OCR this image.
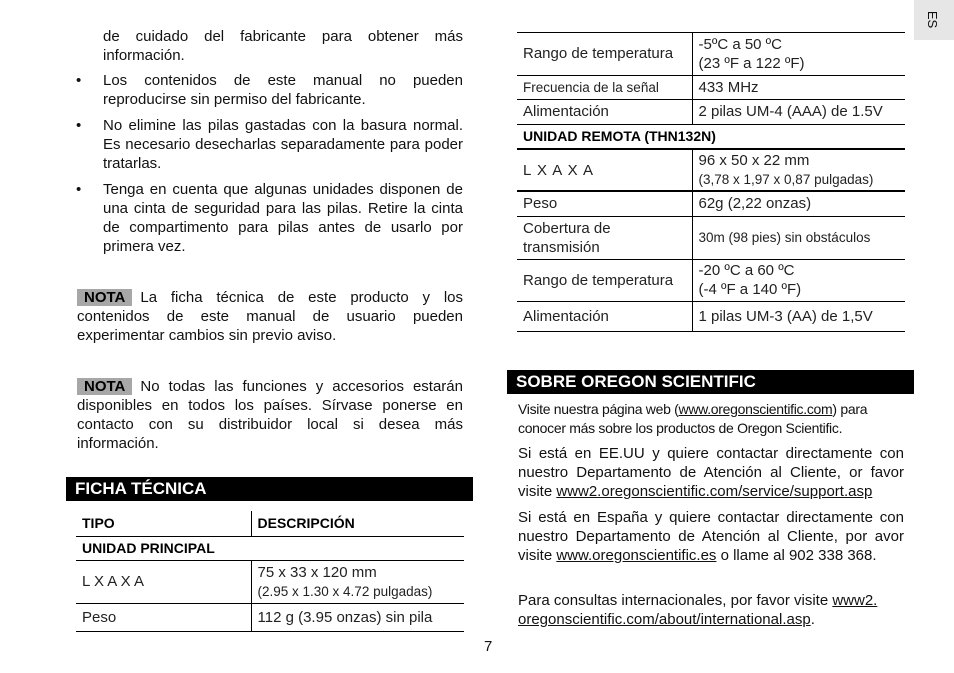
ES
de cuidado del fabricante para obtener más información.
• Los contenidos de este manual no pueden reproducirse sin permiso del fabricante.
• No elimine las pilas gastadas con la basura normal. Es necesario desecharlas separadamente para poder tratarlas.
• Tenga en cuenta que algunas unidades disponen de una cinta de seguridad para las pilas. Retire la cinta de compartimento para pilas antes de usarlo por primera vez.
NOTA La ficha técnica de este producto y los contenidos de este manual de usuario pueden experimentar cambios sin previo aviso.
NOTA No todas las funciones y accesorios estarán disponibles en todos los países. Sírvase ponerse en contacto con su distribuidor local si desea más información.
FICHA TÉCNICA
TIPO	DESCRIPCIÓN
UNIDAD PRINCIPAL	
L X A X A	75 x 33 x 120 mm
(2.95 x 1.30 x 4.72 pulgadas)

Peso	112 g (3.95 onzas) sin pila
Rango de temperatura	-5ºC a 50 ºC
(23 ºF a 122 ºF)

Frecuencia de la señal	433 MHz
Alimentación	2 pilas UM-4 (AAA) de 1.5V
UNIDAD REMOTA (THN132N)	
L X A X A	96 x 50 x 22 mm
(3,78 x 1,97 x 0,87 pulgadas)

Peso	62g (2,22 onzas)

Cobertura de
transmisión	30m (98 pies) sin obstáculos
Rango de temperatura	-20 ºC a 60 ºC
(-4 ºF a 140 ºF)

Alimentación	1 pilas UM-3 (AA) de 1,5V
SOBRE OREGON SCIENTIFIC
Visite nuestra página web (www.oregonscientific.com) para conocer más sobre los productos de Oregon Scientific.
Si está en EE.UU y quiere contactar directamente con nuestro Departamento de Atención al Cliente, or favor visite www2.oregonscientific.com/service/support.asp
Si está en España y quiere contactar directamente con nuestro Departamento de Atención al Cliente, por avor visite www.oregonscientific.es o llame al 902 338 368.
Para consultas internacionales, por favor visite www2. oregonscientific.com/about/international.asp.
7
